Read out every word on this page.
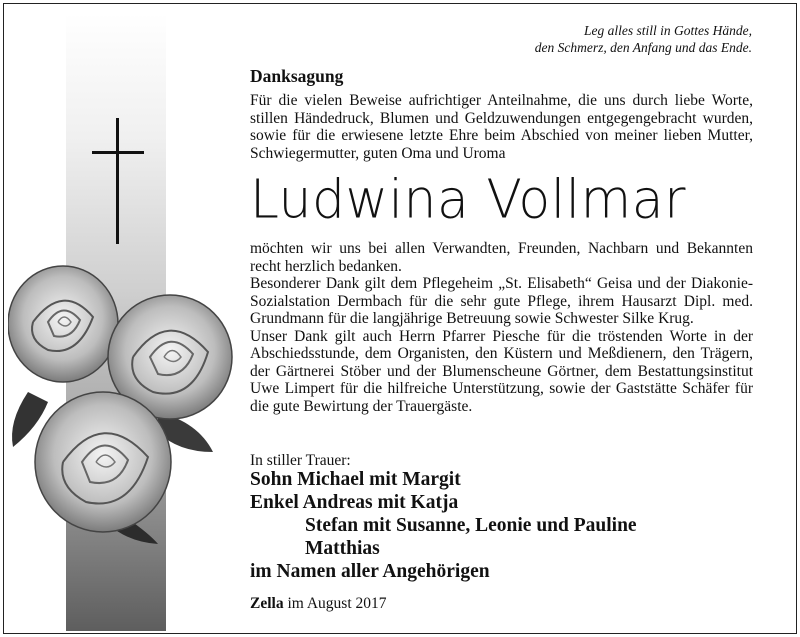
Leg alles still in Gottes Hände,
den Schmerz, den Anfang und das Ende.
Danksagung

Für die vielen Beweise aufrichtiger Anteilnahme, die uns durch liebe Worte, stillen Händedruck, Blumen und Geldzuwendungen entgegengebracht wurden, sowie für die erwiesene letzte Ehre beim Abschied von meiner lieben Mutter, Schwiegermutter, guten Oma und Uroma

Ludwina Vollmar
möchten wir uns bei allen Verwandten, Freunden, Nachbarn und Bekannten recht herzlich bedanken.
Besonderer Dank gilt dem Pflegeheim „St. Elisabeth“ Geisa und der Diakonie-Sozialstation Dermbach für die sehr gute Pflege, ihrem Hausarzt Dipl. med. Grundmann für die langjährige Betreuung sowie Schwester Silke Krug.
Unser Dank gilt auch Herrn Pfarrer Piesche für die tröstenden Worte in der Abschiedsstunde, dem Organisten, den Küstern und Meßdienern, den Trägern, der Gärtnerei Stöber und der Blumenscheune Görtner, dem Bestattungsinstitut Uwe Limpert für die hilfreiche Unterstützung, sowie der Gaststätte Schäfer für die gute Bewirtung der Trauergäste.
In stiller Trauer:
Sohn Michael mit Margit
Enkel Andreas mit Katja
Stefan mit Susanne, Leonie und Pauline
Matthias
im Namen aller Angehörigen
Zella im August 2017
